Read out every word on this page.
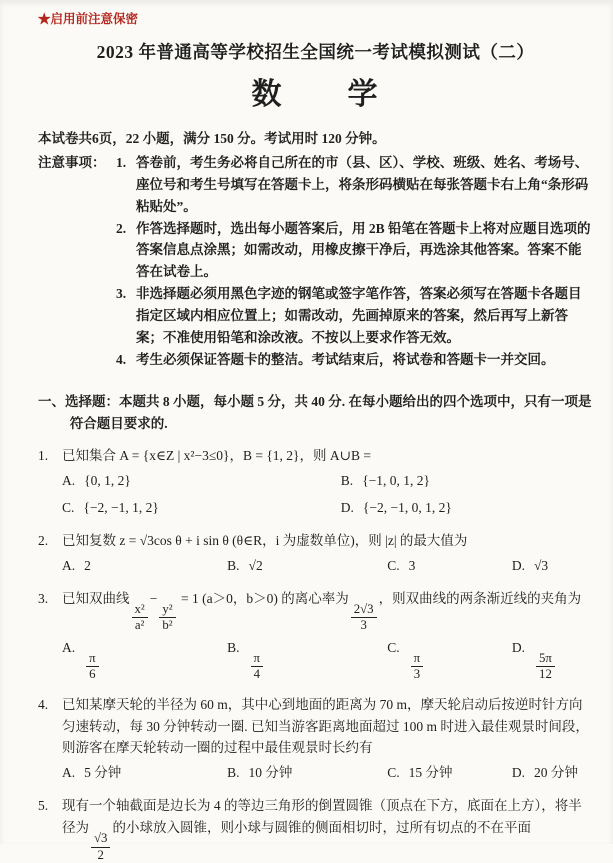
★启用前注意保密
2023 年普通高等学校招生全国统一考试模拟测试（二）
数　　学

本试卷共6页，22 小题，满分 150 分。考试用时 120 分钟。

注意事项： 1. 答卷前，考生务必将自己所在的市（县、区）、学校、班级、姓名、考场号、座位号和考生号填写在答题卡上，将条形码横贴在每张答题卡右上角“条形码粘贴处”。
2. 作答选择题时，选出每小题答案后，用 2B 铅笔在答题卡上将对应题目选项的答案信息点涂黑；如需改动，用橡皮擦干净后，再选涂其他答案。答案不能答在试卷上。
3. 非选择题必须用黑色字迹的钢笔或签字笔作答，答案必须写在答题卡各题目指定区域内相应位置上；如需改动，先画掉原来的答案，然后再写上新答案；不准使用铅笔和涂改液。不按以上要求作答无效。
4. 考生必须保证答题卡的整洁。考试结束后，将试卷和答题卡一并交回。
一、选择题：本题共 8 小题，每小题 5 分，共 40 分. 在每小题给出的四个选项中，只有一项是符合题目要求的.
1.	已知集合 A = {x∈Z | x²−3≤0}，B = {1, 2}，则 A∪B =
A. {0, 1, 2}	B. {−1, 0, 1, 2}
C. {−2, −1, 1, 2}	D. {−2, −1, 0, 1, 2}
2.	已知复数 z = √3cos θ + i sin θ (θ∈R，i 为虚数单位)，则 |z| 的最大值为
A. 2	B. √2	C. 3	D. √3
3.	已知双曲线
$\frac{\text{x²}}{\text{a²}}$
−
$\frac{\text{y²}}{\text{b²}}$
= 1 (a＞0，b＞0) 的离心率为
$\frac{2√3}{3}$
，则双曲线的两条渐近线的夹角为
A.
$\frac{\pi}{6}$
B.
$\frac{\pi}{4}$
C.
$\frac{\pi}{3}$
D.
$\frac{5\pi}{12}$
4.	已知某摩天轮的半径为 60 m，其中心到地面的距离为 70 m，摩天轮启动后按逆时针方向匀速转动，每 30 分钟转动一圈. 已知当游客距离地面超过 100 m 时进入最佳观景时间段，则游客在摩天轮转动一圈的过程中最佳观景时长约有
A. 5 分钟	B. 10 分钟	C. 15 分钟	D. 20 分钟
5.	现有一个轴截面是边长为 4 的等边三角形的倒置圆锥（顶点在下方，底面在上方），将半径为
$\frac{√3}{2}$
的小球放入圆锥，则小球与圆锥的侧面相切时，过所有切点的不在平面
